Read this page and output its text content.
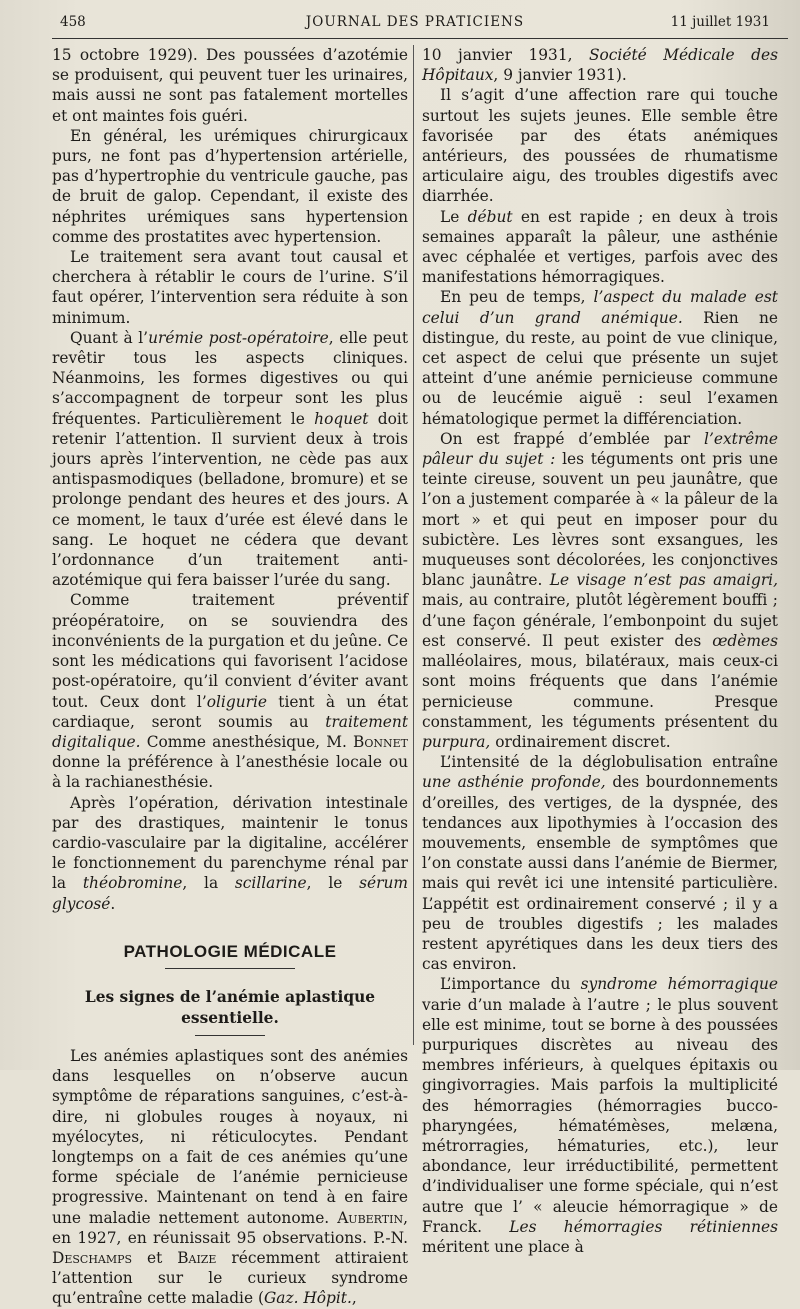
458	JOURNAL DES PRATICIENS	11 juillet 1931

15 octobre 1929). Des poussées d’azotémie se produisent, qui peuvent tuer les urinaires, mais aussi ne sont pas fatalement mortelles et ont maintes fois guéri.

En général, les urémiques chirurgicaux purs, ne font pas d’hypertension artérielle, pas d’hypertrophie du ventricule gauche, pas de bruit de galop. Cependant, il existe des néphrites urémiques sans hypertension comme des prostatites avec hypertension.

Le traitement sera avant tout causal et cherchera à rétablir le cours de l’urine. S’il faut opérer, l’intervention sera réduite à son minimum.

Quant à l’urémie post-opératoire, elle peut revêtir tous les aspects cliniques. Néanmoins, les formes digestives ou qui s’accompagnent de torpeur sont les plus fréquentes. Particulièrement le hoquet doit retenir l’attention. Il survient deux à trois jours après l’intervention, ne cède pas aux antispasmodiques (belladone, bromure) et se prolonge pendant des heures et des jours. A ce moment, le taux d’urée est élevé dans le sang. Le hoquet ne cédera que devant l’ordonnance d’un traitement anti-azotémique qui fera baisser l’urée du sang.

Comme traitement préventif préopératoire, on se souviendra des inconvénients de la purgation et du jeûne. Ce sont les médications qui favorisent l’acidose post-opératoire, qu’il convient d’éviter avant tout. Ceux dont l’oligurie tient à un état cardiaque, seront soumis au traitement digitalique. Comme anesthésique, M. Bonnet donne la préférence à l’anesthésie locale ou à la rachianesthésie.

Après l’opération, dérivation intestinale par des drastiques, maintenir le tonus cardio-vasculaire par la digitaline, accélérer le fonctionnement du parenchyme rénal par la théobromine, la scillarine, le sérum glycosé.

PATHOLOGIE MÉDICALE
Les signes de l’anémie aplastique essentielle.

Les anémies aplastiques sont des anémies dans lesquelles on n’observe aucun symptôme de réparations sanguines, c’est-à-dire, ni globules rouges à noyaux, ni myélocytes, ni réticulocytes. Pendant longtemps on a fait de ces anémies qu’une forme spéciale de l’anémie pernicieuse progressive. Maintenant on tend à en faire une maladie nettement autonome. Aubertin, en 1927, en réunissait 95 observations. P.-N. Deschamps et Baize récemment attiraient l’attention sur le curieux syndrome qu’entraîne cette maladie (Gaz. Hôpit.,

10 janvier 1931, Société Médicale des Hôpitaux, 9 janvier 1931).

Il s’agit d’une affection rare qui touche surtout les sujets jeunes. Elle semble être favorisée par des états anémiques antérieurs, des poussées de rhumatisme articulaire aigu, des troubles digestifs avec diarrhée.

Le début en est rapide ; en deux à trois semaines apparaît la pâleur, une asthénie avec céphalée et vertiges, parfois avec des manifestations hémorragiques.

En peu de temps, l’aspect du malade est celui d’un grand anémique. Rien ne distingue, du reste, au point de vue clinique, cet aspect de celui que présente un sujet atteint d’une anémie pernicieuse commune ou de leucémie aiguë : seul l’examen hématologique permet la différenciation.

On est frappé d’emblée par l’extrême pâleur du sujet : les téguments ont pris une teinte cireuse, souvent un peu jaunâtre, que l’on a justement comparée à « la pâleur de la mort » et qui peut en imposer pour du subictère. Les lèvres sont exsangues, les muqueuses sont décolorées, les conjonctives blanc jaunâtre. Le visage n’est pas amaigri, mais, au contraire, plutôt légèrement bouffi ; d’une façon générale, l’embonpoint du sujet est conservé. Il peut exister des œdèmes malléolaires, mous, bilatéraux, mais ceux-ci sont moins fréquents que dans l’anémie pernicieuse commune. Presque constamment, les téguments présentent du purpura, ordinairement discret.

L’intensité de la déglobulisation entraîne une asthénie profonde, des bourdonnements d’oreilles, des vertiges, de la dyspnée, des tendances aux lipothymies à l’occasion des mouvements, ensemble de symptômes que l’on constate aussi dans l’anémie de Biermer, mais qui revêt ici une intensité particulière. L’appétit est ordinairement conservé ; il y a peu de troubles digestifs ; les malades restent apyrétiques dans les deux tiers des cas environ.

L’importance du syndrome hémorragique varie d’un malade à l’autre ; le plus souvent elle est minime, tout se borne à des poussées purpuriques discrètes au niveau des membres inférieurs, à quelques épitaxis ou gingivorragies. Mais parfois la multiplicité des hémorragies (hémorragies bucco-pharyngées, hématémèses, melæna, métrorragies, hématuries, etc.), leur abondance, leur irréductibilité, permettent d’individualiser une forme spéciale, qui n’est autre que l’ « aleucie hémorragique » de Franck. Les hémorragies rétiniennes méritent une place à
